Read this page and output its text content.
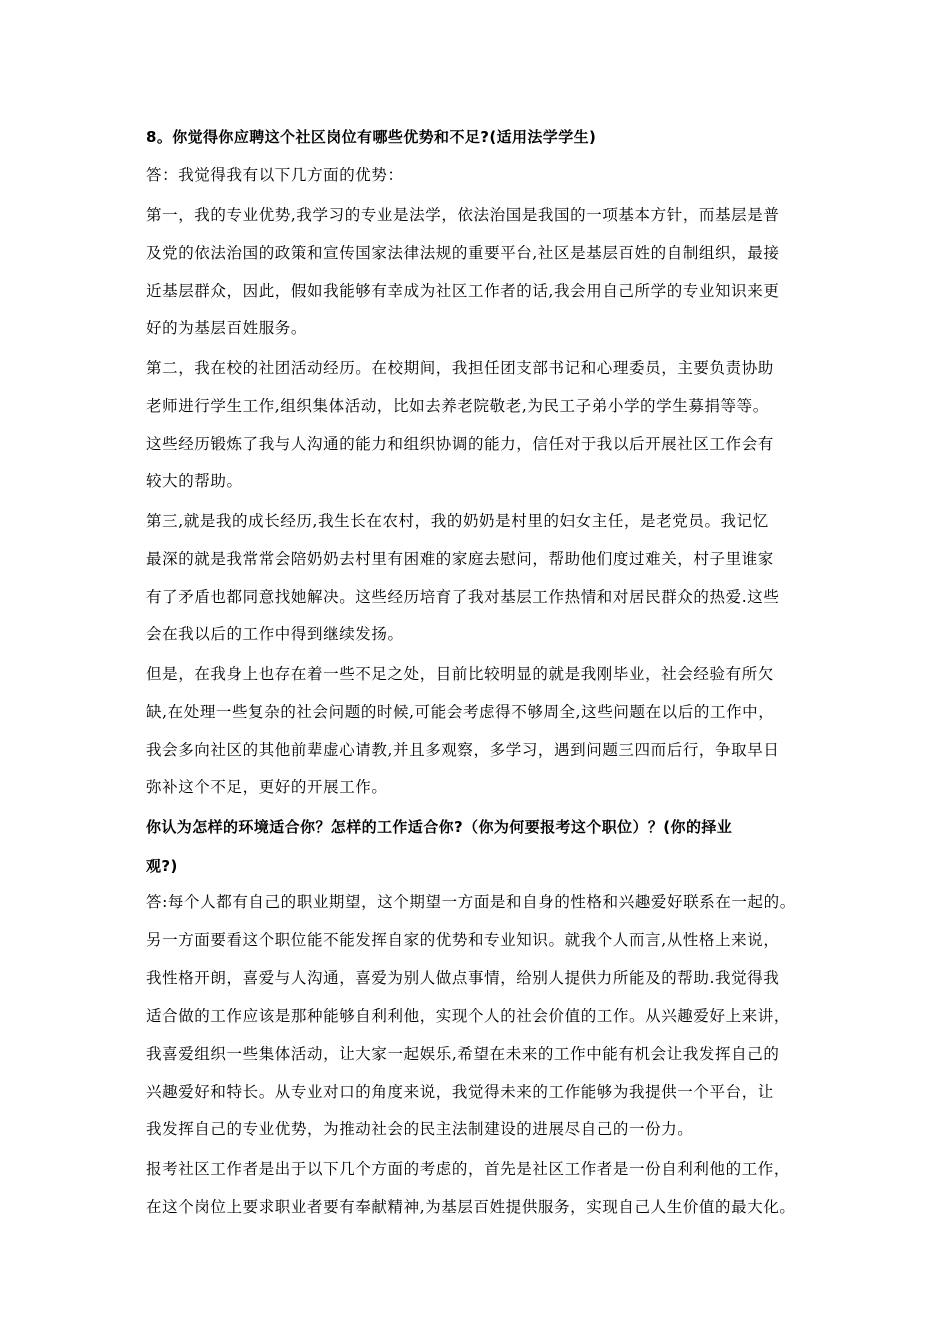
8。你觉得你应聘这个社区岗位有哪些优势和不足?(适用法学学生)
答：我觉得我有以下几方面的优势：
第一，我的专业优势,我学习的专业是法学，依法治国是我国的一项基本方针，而基层是普
及党的依法治国的政策和宣传国家法律法规的重要平台,社区是基层百姓的自制组织，最接
近基层群众，因此，假如我能够有幸成为社区工作者的话,我会用自己所学的专业知识来更
好的为基层百姓服务。
第二，我在校的社团活动经历。在校期间，我担任团支部书记和心理委员，主要负责协助
老师进行学生工作,组织集体活动，比如去养老院敬老,为民工子弟小学的学生募捐等等。
这些经历锻炼了我与人沟通的能力和组织协调的能力，信任对于我以后开展社区工作会有
较大的帮助。
第三,就是我的成长经历,我生长在农村，我的奶奶是村里的妇女主任，是老党员。我记忆
最深的就是我常常会陪奶奶去村里有困难的家庭去慰问，帮助他们度过难关，村子里谁家
有了矛盾也都同意找她解决。这些经历培育了我对基层工作热情和对居民群众的热爱.这些
会在我以后的工作中得到继续发扬。
但是，在我身上也存在着一些不足之处，目前比较明显的就是我刚毕业，社会经验有所欠
缺,在处理一些复杂的社会问题的时候,可能会考虑得不够周全,这些问题在以后的工作中，
我会多向社区的其他前辈虚心请教,并且多观察，多学习，遇到问题三四而后行，争取早日
弥补这个不足，更好的开展工作。
你认为怎样的环境适合你？怎样的工作适合你?（你为何要报考这个职位）？(你的择业
观?)
答:每个人都有自己的职业期望，这个期望一方面是和自身的性格和兴趣爱好联系在一起的。
另一方面要看这个职位能不能发挥自家的优势和专业知识。就我个人而言,从性格上来说，
我性格开朗，喜爱与人沟通，喜爱为别人做点事情，给别人提供力所能及的帮助.我觉得我
适合做的工作应该是那种能够自利利他，实现个人的社会价值的工作。从兴趣爱好上来讲，
我喜爱组织一些集体活动，让大家一起娱乐,希望在未来的工作中能有机会让我发挥自己的
兴趣爱好和特长。从专业对口的角度来说，我觉得未来的工作能够为我提供一个平台，让
我发挥自己的专业优势，为推动社会的民主法制建设的进展尽自己的一份力。
报考社区工作者是出于以下几个方面的考虑的，首先是社区工作者是一份自利利他的工作，
在这个岗位上要求职业者要有奉献精神,为基层百姓提供服务，实现自己人生价值的最大化。
